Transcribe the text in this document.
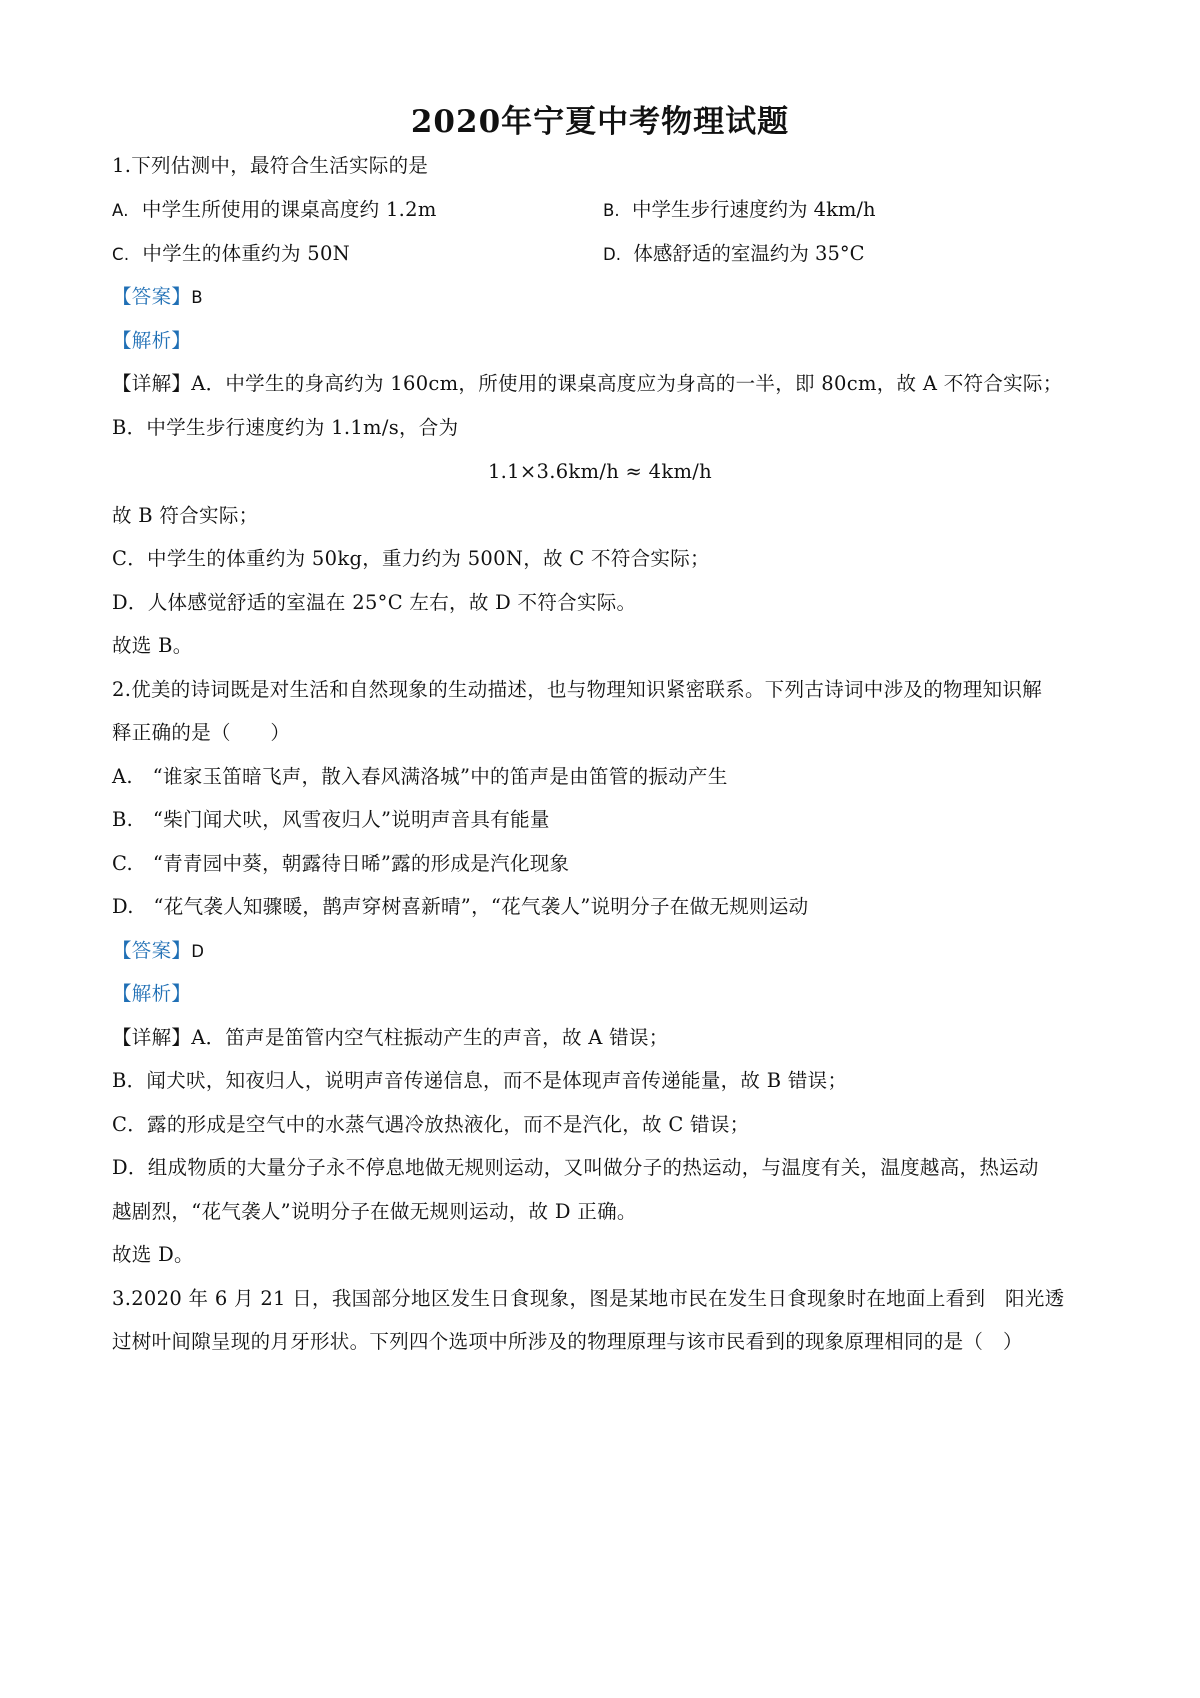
2020年宁夏中考物理试题
1.下列估测中，最符合生活实际的是
A. 中学生所使用的课桌高度约 1.2m	B. 中学生步行速度约为 4km/h
C. 中学生的体重约为 50N	D. 体感舒适的室温约为 35°C
【答案】B
【解析】
【详解】A．中学生的身高约为 160cm，所使用的课桌高度应为身高的一半，即 80cm，故 A 不符合实际；
B．中学生步行速度约为 1.1m/s，合为
1.1×3.6km/h ≈ 4km/h
故 B 符合实际；
C．中学生的体重约为 50kg，重力约为 500N，故 C 不符合实际；
D．人体感觉舒适的室温在 25°C 左右，故 D 不符合实际。
故选 B。
2.优美的诗词既是对生活和自然现象的生动描述，也与物理知识紧密联系。下列古诗词中涉及的物理知识解
释正确的是（　　）
A.　“谁家玉笛暗飞声，散入春风满洛城”中的笛声是由笛管的振动产生
B.　“柴门闻犬吠，风雪夜归人”说明声音具有能量
C.　“青青园中葵，朝露待日晞”露的形成是汽化现象
D.　“花气袭人知骤暖，鹊声穿树喜新晴”，“花气袭人”说明分子在做无规则运动
【答案】D
【解析】
【详解】A．笛声是笛管内空气柱振动产生的声音，故 A 错误；
B．闻犬吠，知夜归人，说明声音传递信息，而不是体现声音传递能量，故 B 错误；
C．露的形成是空气中的水蒸气遇冷放热液化，而不是汽化，故 C 错误；
D．组成物质的大量分子永不停息地做无规则运动，又叫做分子的热运动，与温度有关，温度越高，热运动
越剧烈，“花气袭人”说明分子在做无规则运动，故 D 正确。
故选 D。
3.2020 年 6 月 21 日，我国部分地区发生日食现象，图是某地市民在发生日食现象时在地面上看到　阳光透
过树叶间隙呈现的月牙形状。下列四个选项中所涉及的物理原理与该市民看到的现象原理相同的是（　）
